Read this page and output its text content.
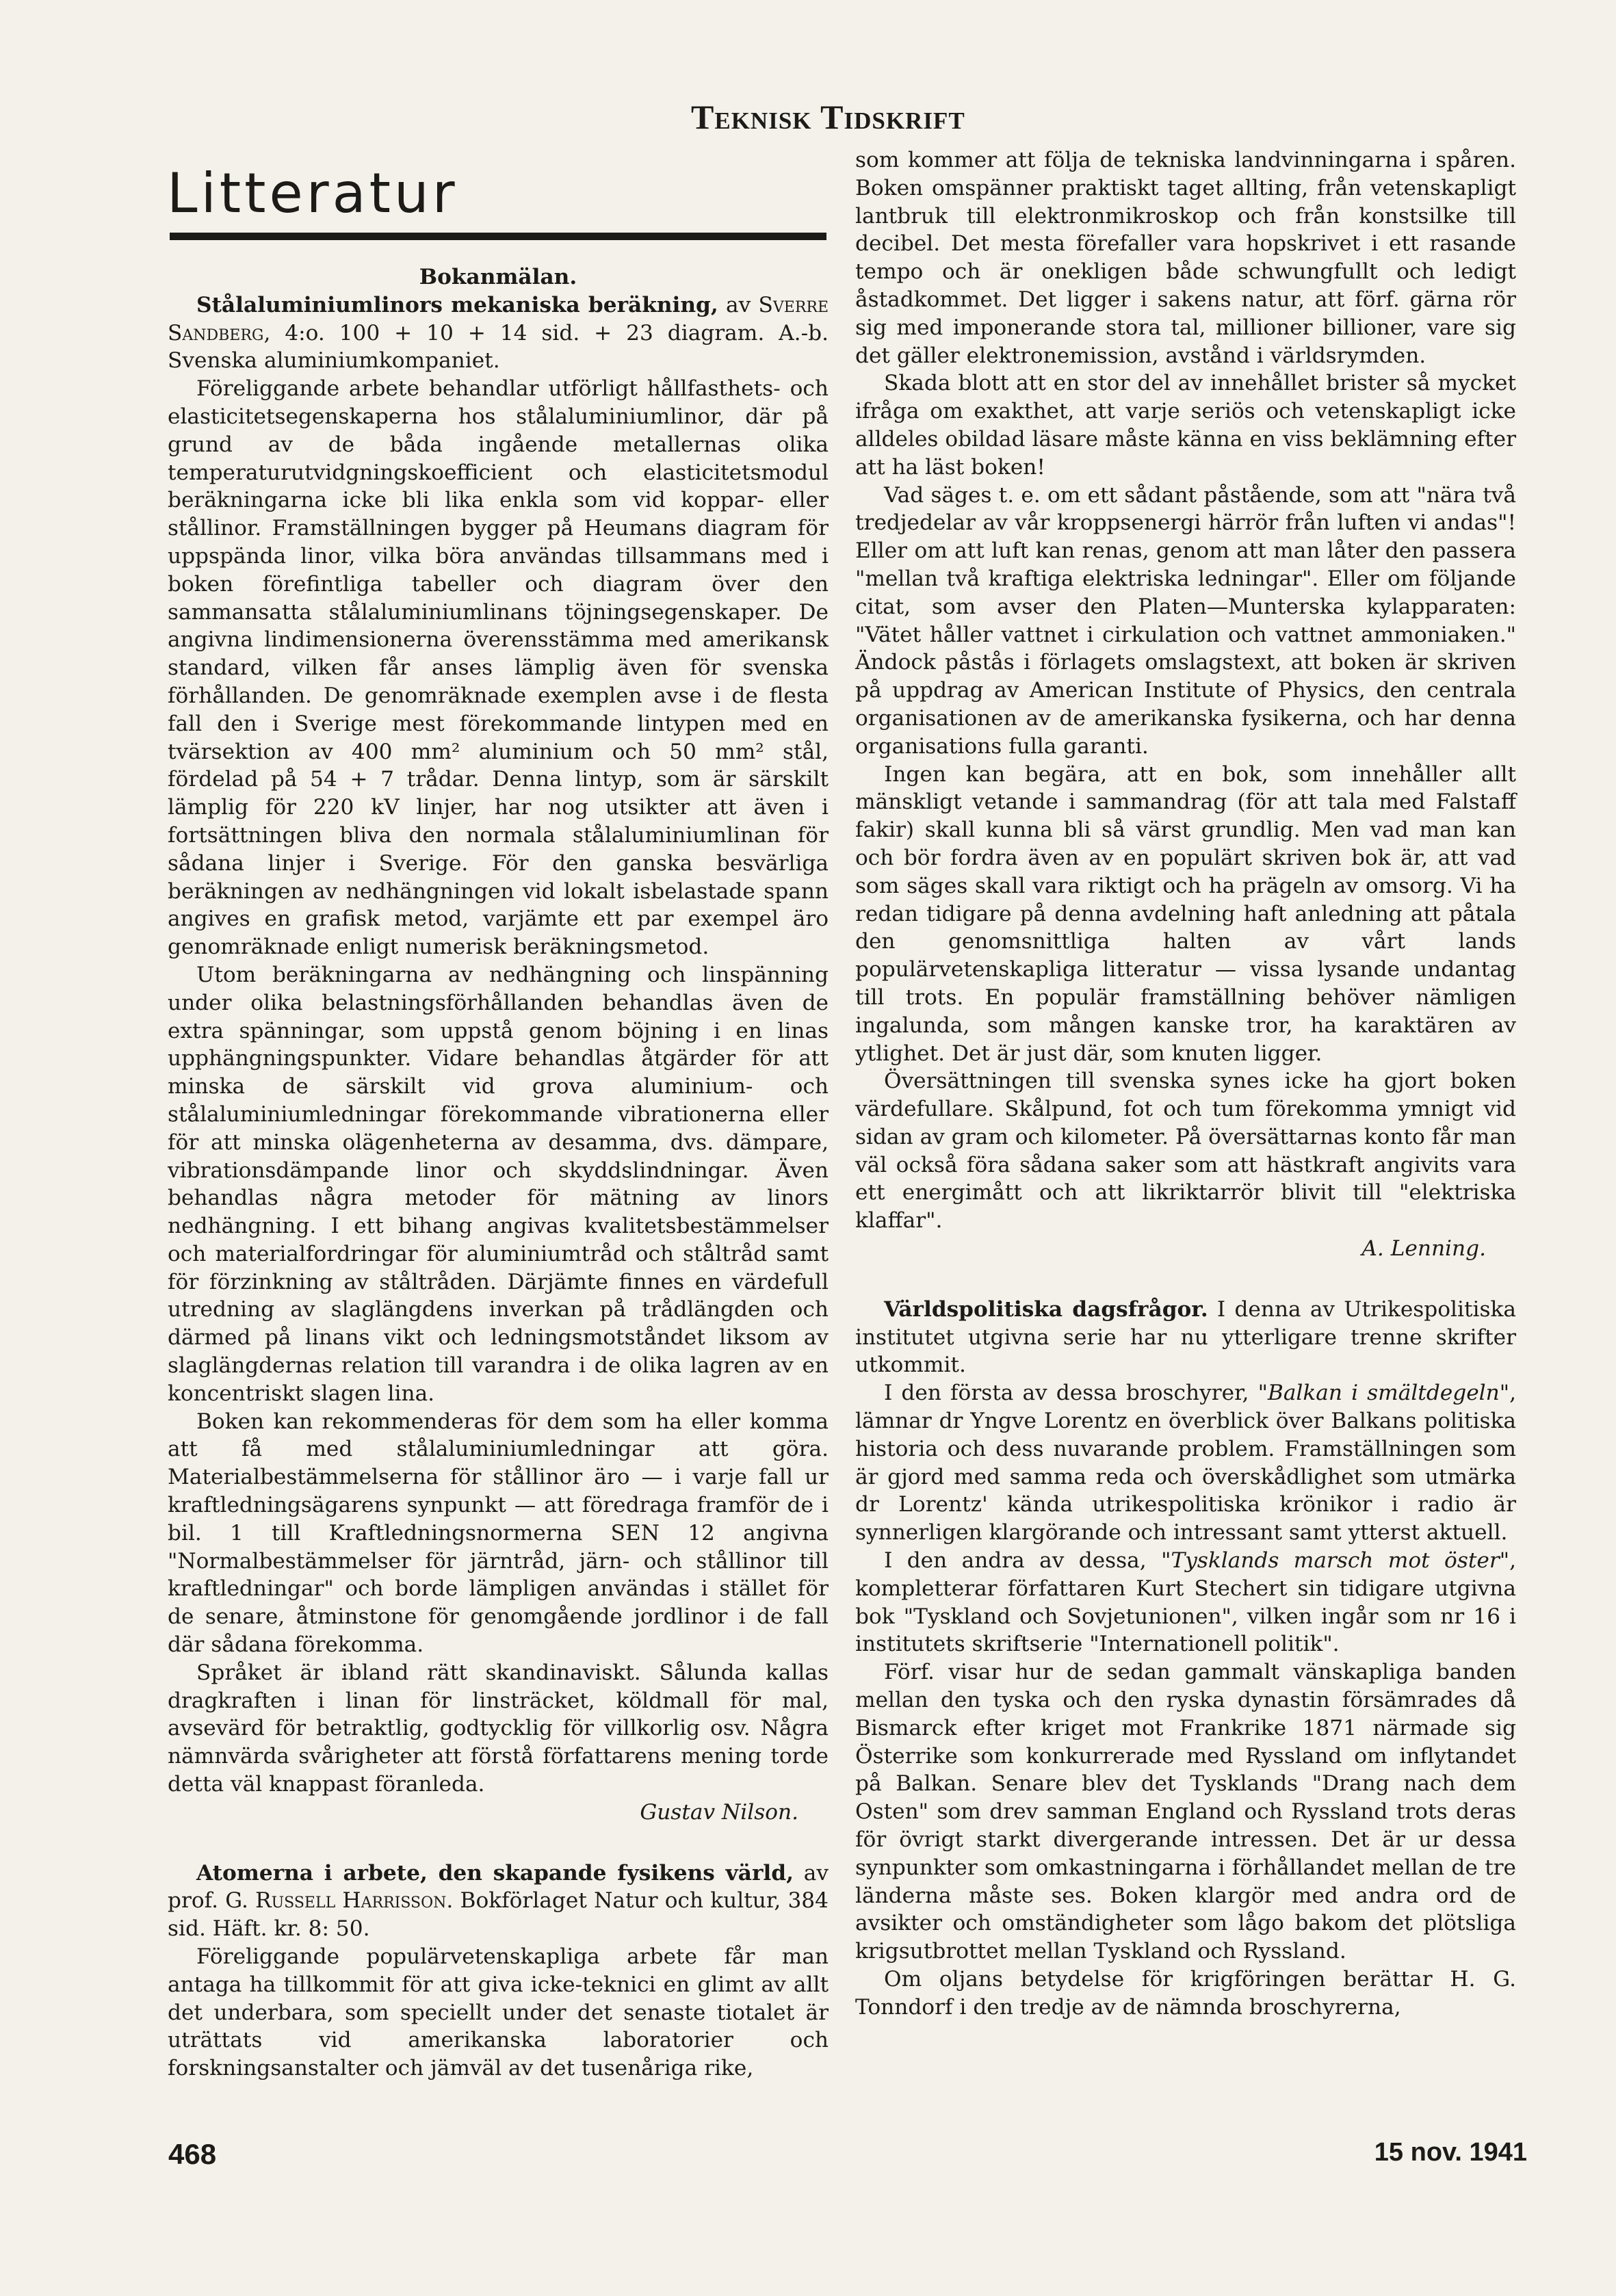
Teknisk Tidskrift
Litteratur

Bokanmälan.

Stålaluminiumlinors mekaniska beräkning, av Sverre Sandberg, 4:o. 100 + 10 + 14 sid. + 23 diagram. A.-b. Svenska aluminiumkompaniet.

Föreliggande arbete behandlar utförligt hållfasthets- och elasticitetsegenskaperna hos stålaluminiumlinor, där på grund av de båda ingående metallernas olika temperaturutvidgningskoefficient och elasticitetsmodul beräkningarna icke bli lika enkla som vid koppar- eller stållinor. Framställningen bygger på Heumans diagram för uppspända linor, vilka böra användas tillsammans med i boken förefintliga tabeller och diagram över den sammansatta stålaluminiumlinans töjningsegenskaper. De angivna lindimensionerna överensstämma med amerikansk standard, vilken får anses lämplig även för svenska förhållanden. De genomräknade exemplen avse i de flesta fall den i Sverige mest förekommande lintypen med en tvärsektion av 400 mm² aluminium och 50 mm² stål, fördelad på 54 + 7 trådar. Denna lintyp, som är särskilt lämplig för 220 kV linjer, har nog utsikter att även i fortsättningen bliva den normala stålaluminiumlinan för sådana linjer i Sverige. För den ganska besvärliga beräkningen av nedhängningen vid lokalt isbelastade spann angives en grafisk metod, varjämte ett par exempel äro genomräknade enligt numerisk beräkningsmetod.

Utom beräkningarna av nedhängning och linspänning under olika belastningsförhållanden behandlas även de extra spänningar, som uppstå genom böjning i en linas upphängningspunkter. Vidare behandlas åtgärder för att minska de särskilt vid grova aluminium- och stålaluminiumledningar förekommande vibrationerna eller för att minska olägenheterna av desamma, dvs. dämpare, vibrationsdämpande linor och skyddslindningar. Även behandlas några metoder för mätning av linors nedhängning. I ett bihang angivas kvalitetsbestämmelser och materialfordringar för aluminiumtråd och ståltråd samt för förzinkning av ståltråden. Därjämte finnes en värdefull utredning av slaglängdens inverkan på trådlängden och därmed på linans vikt och ledningsmotståndet liksom av slaglängdernas relation till varandra i de olika lagren av en koncentriskt slagen lina.

Boken kan rekommenderas för dem som ha eller komma att få med stålaluminiumledningar att göra. Materialbestämmelserna för stållinor äro — i varje fall ur kraftledningsägarens synpunkt — att föredraga framför de i bil. 1 till Kraftledningsnormerna SEN 12 angivna "Normalbestämmelser för järntråd, järn- och stållinor till kraftledningar" och borde lämpligen användas i stället för de senare, åtminstone för genomgående jordlinor i de fall där sådana förekomma.

Språket är ibland rätt skandinaviskt. Sålunda kallas dragkraften i linan för linsträcket, köldmall för mal, avsevärd för betraktlig, godtycklig för villkorlig osv. Några nämnvärda svårigheter att förstå författarens mening torde detta väl knappast föranleda.

Gustav Nilson.

Atomerna i arbete, den skapande fysikens värld, av prof. G. Russell Harrisson. Bokförlaget Natur och kultur, 384 sid. Häft. kr. 8: 50.

Föreliggande populärvetenskapliga arbete får man antaga ha tillkommit för att giva icke-teknici en glimt av allt det underbara, som speciellt under det senaste tiotalet är uträttats vid amerikanska laboratorier och forskningsanstalter och jämväl av det tusenåriga rike,

som kommer att följa de tekniska landvinningarna i spåren. Boken omspänner praktiskt taget allting, från vetenskapligt lantbruk till elektronmikroskop och från konstsilke till decibel. Det mesta förefaller vara hopskrivet i ett rasande tempo och är onekligen både schwungfullt och ledigt åstadkommet. Det ligger i sakens natur, att förf. gärna rör sig med imponerande stora tal, millioner billioner, vare sig det gäller elektronemission, avstånd i världsrymden.

Skada blott att en stor del av innehållet brister så mycket ifråga om exakthet, att varje seriös och vetenskapligt icke alldeles obildad läsare måste känna en viss beklämning efter att ha läst boken!

Vad säges t. e. om ett sådant påstående, som att "nära två tredjedelar av vår kroppsenergi härrör från luften vi andas"! Eller om att luft kan renas, genom att man låter den passera "mellan två kraftiga elektriska ledningar". Eller om följande citat, som avser den Platen—Munterska kylapparaten: "Vätet håller vattnet i cirkulation och vattnet ammoniaken." Ändock påstås i förlagets omslagstext, att boken är skriven på uppdrag av American Institute of Physics, den centrala organisationen av de amerikanska fysikerna, och har denna organisations fulla garanti.

Ingen kan begära, att en bok, som innehåller allt mänskligt vetande i sammandrag (för att tala med Falstaff fakir) skall kunna bli så värst grundlig. Men vad man kan och bör fordra även av en populärt skriven bok är, att vad som säges skall vara riktigt och ha prägeln av omsorg. Vi ha redan tidigare på denna avdelning haft anledning att påtala den genomsnittliga halten av vårt lands populärvetenskapliga litteratur — vissa lysande undantag till trots. En populär framställning behöver nämligen ingalunda, som mången kanske tror, ha karaktären av ytlighet. Det är just där, som knuten ligger.

Översättningen till svenska synes icke ha gjort boken värdefullare. Skålpund, fot och tum förekomma ymnigt vid sidan av gram och kilometer. På översättarnas konto får man väl också föra sådana saker som att hästkraft angivits vara ett energimått och att likriktarrör blivit till "elektriska klaffar".

A. Lenning.

Världspolitiska dagsfrågor. I denna av Utrikespolitiska institutet utgivna serie har nu ytterligare trenne skrifter utkommit.

I den första av dessa broschyrer, "Balkan i smältdegeln", lämnar dr Yngve Lorentz en överblick över Balkans politiska historia och dess nuvarande problem. Framställningen som är gjord med samma reda och överskådlighet som utmärka dr Lorentz' kända utrikespolitiska krönikor i radio är synnerligen klargörande och intressant samt ytterst aktuell.

I den andra av dessa, "Tysklands marsch mot öster", kompletterar författaren Kurt Stechert sin tidigare utgivna bok "Tyskland och Sovjetunionen", vilken ingår som nr 16 i institutets skriftserie "Internationell politik".

Förf. visar hur de sedan gammalt vänskapliga banden mellan den tyska och den ryska dynastin försämrades då Bismarck efter kriget mot Frankrike 1871 närmade sig Österrike som konkurrerade med Ryssland om inflytandet på Balkan. Senare blev det Tysklands "Drang nach dem Osten" som drev samman England och Ryssland trots deras för övrigt starkt divergerande intressen. Det är ur dessa synpunkter som omkastningarna i förhållandet mellan de tre länderna måste ses. Boken klargör med andra ord de avsikter och omständigheter som lågo bakom det plötsliga krigsutbrottet mellan Tyskland och Ryssland.

Om oljans betydelse för krigföringen berättar H. G. Tonndorf i den tredje av de nämnda broschyrerna,

468	15 nov. 1941
